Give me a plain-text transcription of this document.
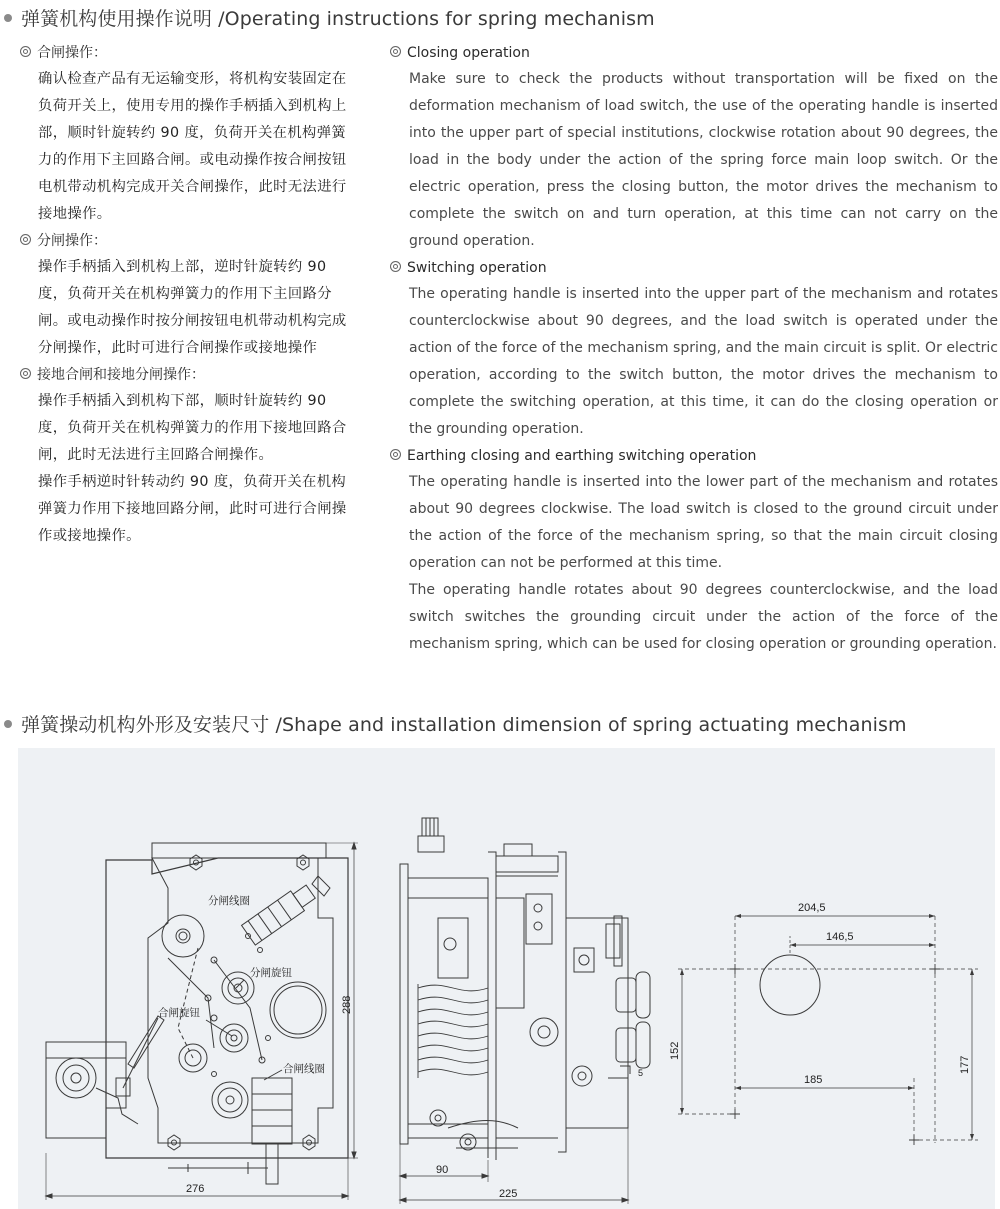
弹簧机构使用操作说明 /Operating instructions for spring mechanism
合闸操作：

确认检查产品有无运输变形，将机构安装固定在负荷开关上，使用专用的操作手柄插入到机构上部，顺时针旋转约 90 度，负荷开关在机构弹簧力的作用下主回路合闸。或电动操作按合闸按钮电机带动机构完成开关合闸操作，此时无法进行接地操作。

分闸操作：

操作手柄插入到机构上部，逆时针旋转约 90 度，负荷开关在机构弹簧力的作用下主回路分闸。或电动操作时按分闸按钮电机带动机构完成分闸操作，此时可进行合闸操作或接地操作

接地合闸和接地分闸操作：

操作手柄插入到机构下部，顺时针旋转约 90 度，负荷开关在机构弹簧力的作用下接地回路合闸，此时无法进行主回路合闸操作。

操作手柄逆时针转动约 90 度，负荷开关在机构弹簧力作用下接地回路分闸，此时可进行合闸操作或接地操作。

Closing operation

Make sure to check the products without transportation will be fixed on the deformation mechanism of load switch, the use of the operating handle is inserted into the upper part of special institutions, clockwise rotation about 90 degrees, the load in the body under the action of the spring force main loop switch. Or the electric operation, press the closing button, the motor drives the mechanism to complete the switch on and turn operation, at this time can not carry on the ground operation.

Switching operation

The operating handle is inserted into the upper part of the mechanism and rotates counterclockwise about 90 degrees, and the load switch is operated under the action of the force of the mechanism spring, and the main circuit is split. Or electric operation, according to the switch button, the motor drives the mechanism to complete the switching operation, at this time, it can do the closing operation or the grounding operation.

Earthing closing and earthing switching operation

The operating handle is inserted into the lower part of the mechanism and rotates about 90 degrees clockwise. The load switch is closed to the ground circuit under the action of the force of the mechanism spring, so that the main circuit closing operation can not be performed at this time.

The operating handle rotates about 90 degrees counterclockwise, and the load switch switches the grounding circuit under the action of the force of the mechanism spring, which can be used for closing operation or grounding operation.

弹簧操动机构外形及安装尺寸 /Shape and installation dimension of spring actuating mechanism
分闸线圈
分闸旋钮
合闸旋钮
合闸线圈
276
288
5
90
225
204,5
146,5
185
152
177
